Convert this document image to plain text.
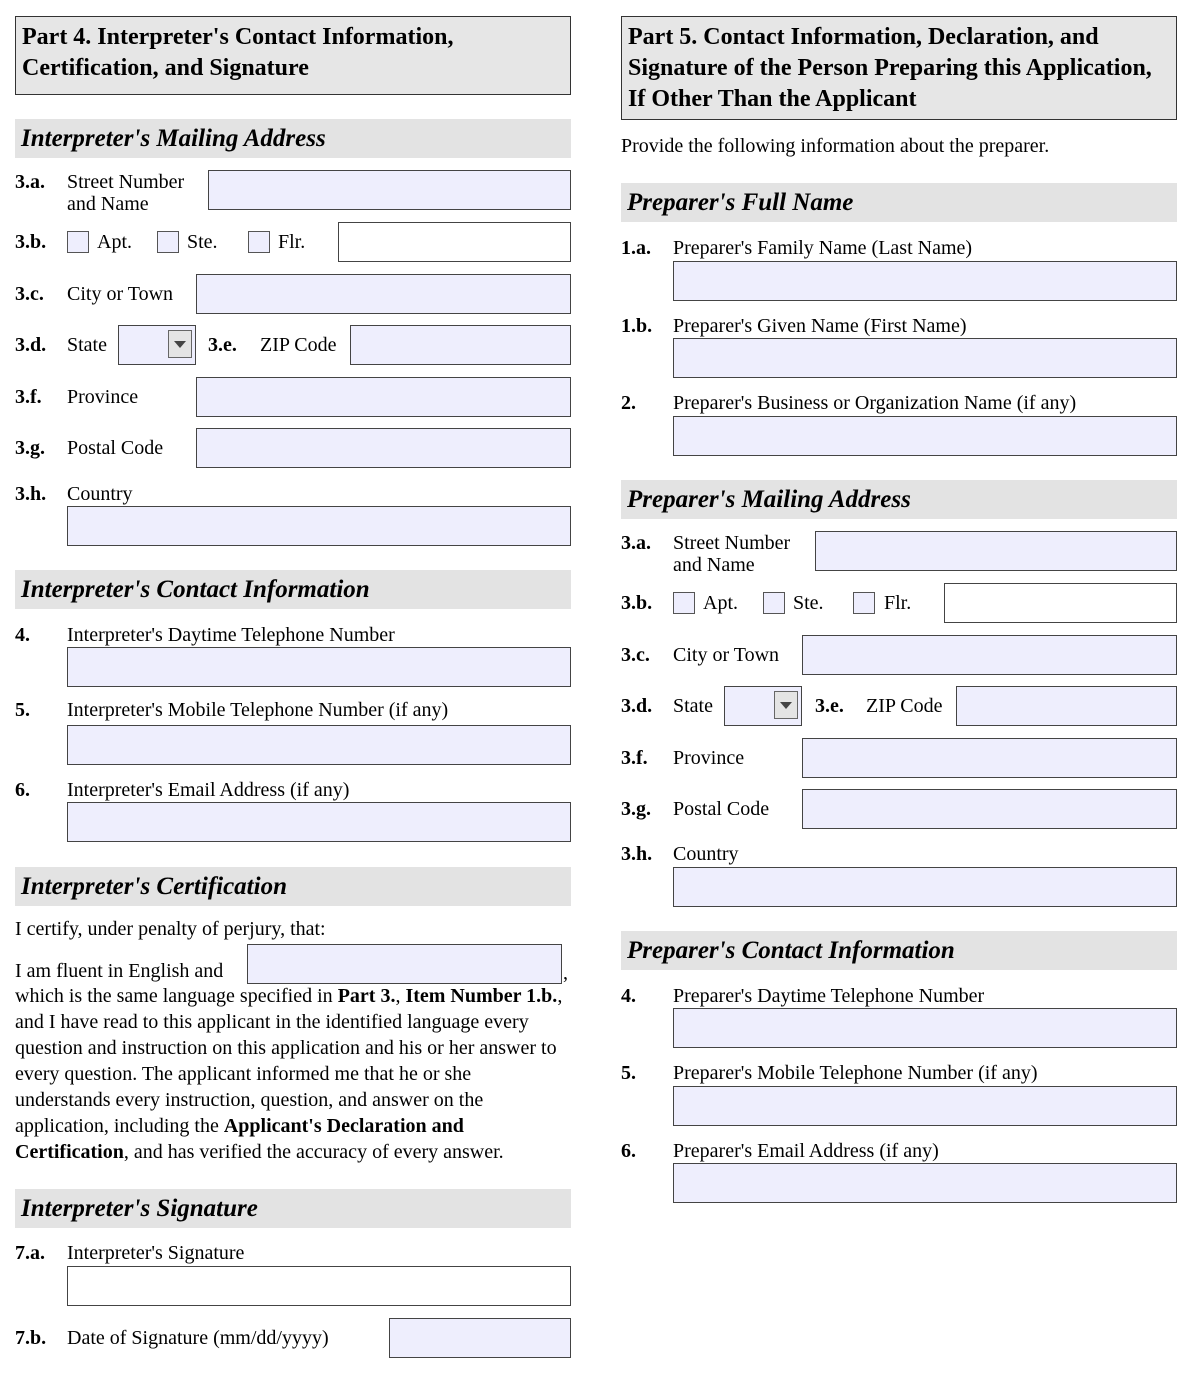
Part 4. Interpreter's Contact Information, Certification, and Signature
Interpreter's Mailing Address
3.a. Street Number and Name
3.b.	Apt.	Ste.	Flr.
3.c. City or Town
3.d. State	3.e. ZIP Code
3.f. Province
3.g. Postal Code
3.h. Country
Interpreter's Contact Information
4. Interpreter's Daytime Telephone Number
5. Interpreter's Mobile Telephone Number (if any)
6. Interpreter's Email Address (if any)
Interpreter's Certification
I certify, under penalty of perjury, that:
I am fluent in English and	,
which is the same language specified in Part 3., Item Number 1.b., and I have read to this applicant in the identified language every question and instruction on this application and his or her answer to every question. The applicant informed me that he or she understands every instruction, question, and answer on the application, including the Applicant's Declaration and Certification, and has verified the accuracy of every answer.
Interpreter's Signature
7.a. Interpreter's Signature
7.b. Date of Signature (mm/dd/yyyy)
Part 5. Contact Information, Declaration, and Signature of the Person Preparing this Application, If Other Than the Applicant
Provide the following information about the preparer.
Preparer's Full Name
1.a. Preparer's Family Name (Last Name)
1.b. Preparer's Given Name (First Name)
2. Preparer's Business or Organization Name (if any)
Preparer's Mailing Address
3.a. Street Number and Name
3.b.	Apt.	Ste.	Flr.
3.c. City or Town
3.d. State	3.e. ZIP Code
3.f. Province
3.g. Postal Code
3.h. Country
Preparer's Contact Information
4. Preparer's Daytime Telephone Number
5. Preparer's Mobile Telephone Number (if any)
6. Preparer's Email Address (if any)
